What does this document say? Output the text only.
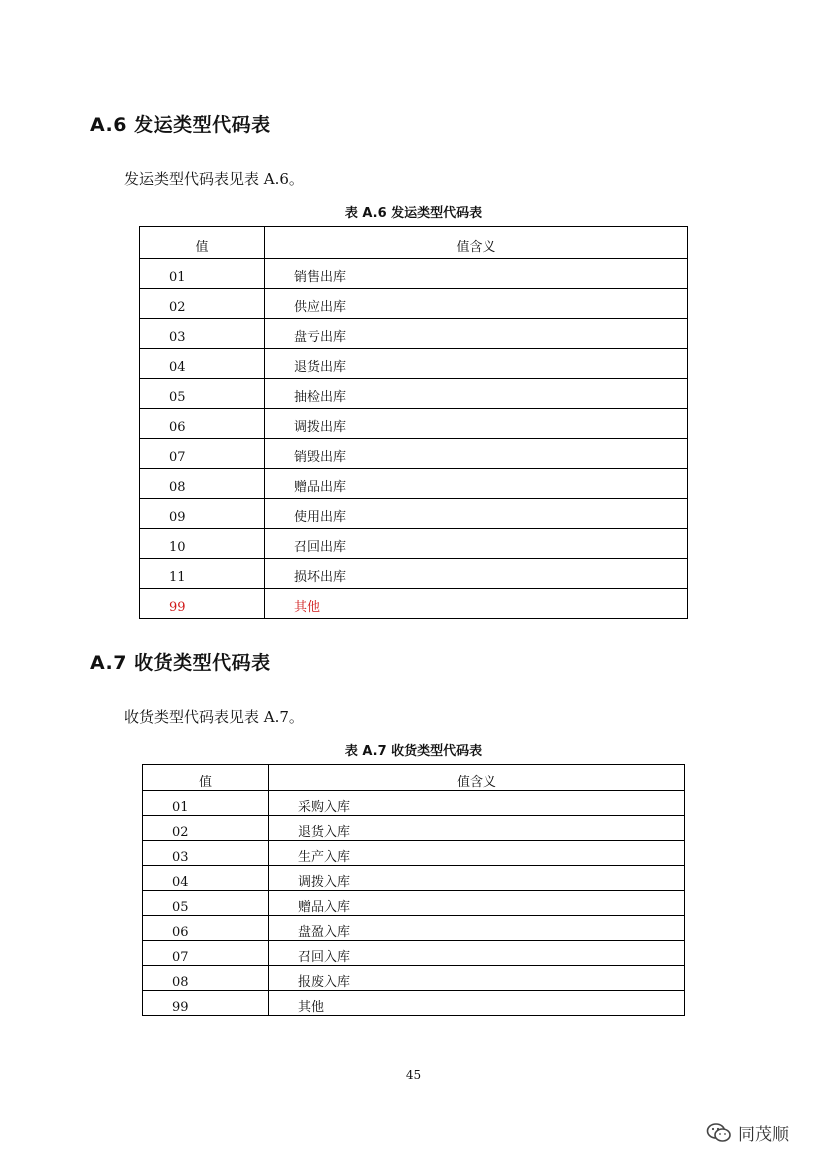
A.6 发运类型代码表
发运类型代码表见表 A.6。
表 A.6 发运类型代码表
值	值含义
01	销售出库
02	供应出库
03	盘亏出库
04	退货出库
05	抽检出库
06	调拨出库
07	销毁出库
08	赠品出库
09	使用出库
10	召回出库
11	损坏出库
99	其他
A.7 收货类型代码表
收货类型代码表见表 A.7。
表 A.7 收货类型代码表
值	值含义
01	采购入库
02	退货入库
03	生产入库
04	调拨入库
05	赠品入库
06	盘盈入库
07	召回入库
08	报废入库
99	其他
45
同茂顺
